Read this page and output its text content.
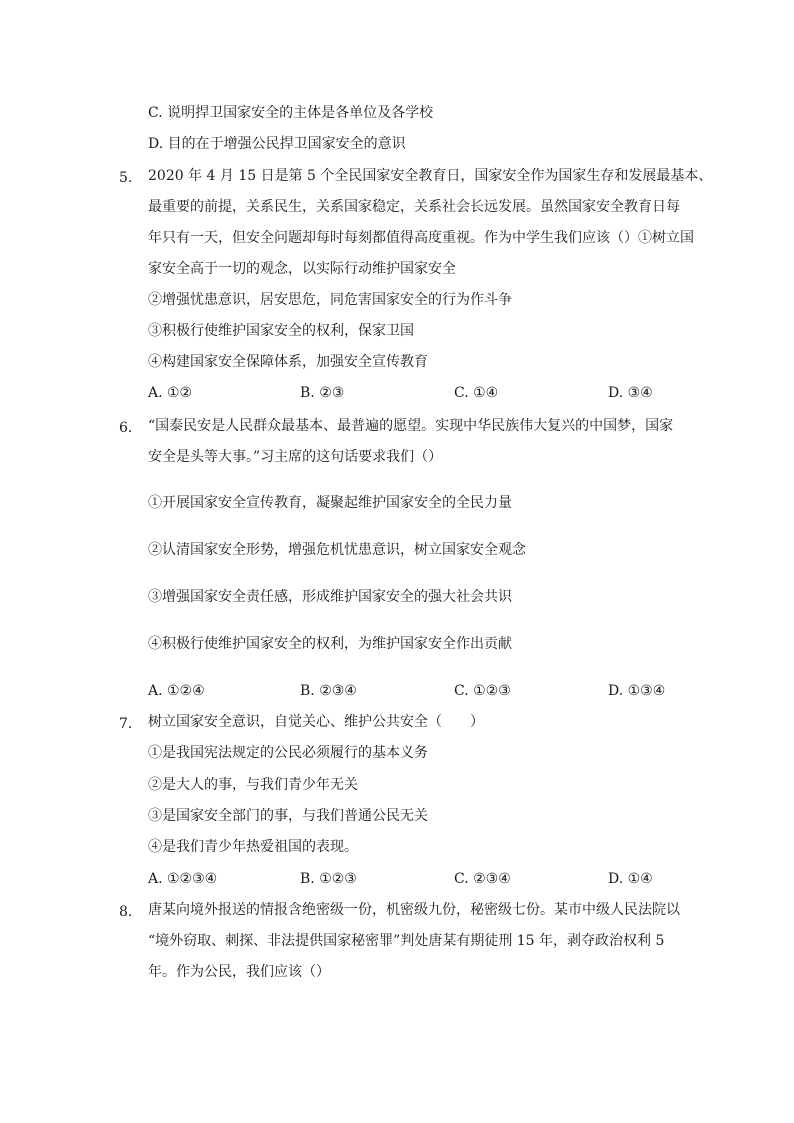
C. 说明捍卫国家安全的主体是各单位及各学校
D. 目的在于增强公民捍卫国家安全的意识
5. 2020 年 4 月 15 日是第 5 个全民国家安全教育日，国家安全作为国家生存和发展最基本、
最重要的前提，关系民生，关系国家稳定，关系社会长远发展。虽然国家安全教育日每
年只有一天，但安全问题却每时每刻都值得高度重视。作为中学生我们应该（）①树立国
家安全高于一切的观念，以实际行动维护国家安全
②增强忧患意识，居安思危，同危害国家安全的行为作斗争
③积极行使维护国家安全的权利，保家卫国
④构建国家安全保障体系，加强安全宣传教育
A. ①②	B. ②③	C. ①④	D. ③④
6. “国泰民安是人民群众最基本、最普遍的愿望。实现中华民族伟大复兴的中国梦，国家
安全是头等大事。”习主席的这句话要求我们（）
①开展国家安全宣传教育，凝聚起维护国家安全的全民力量
②认清国家安全形势，增强危机忧患意识，树立国家安全观念
③增强国家安全责任感，形成维护国家安全的强大社会共识
④积极行使维护国家安全的权利，为维护国家安全作出贡献
A. ①②④	B. ②③④	C. ①②③	D. ①③④
7. 树立国家安全意识，自觉关心、维护公共安全（　　）
①是我国宪法规定的公民必须履行的基本义务
②是大人的事，与我们青少年无关
③是国家安全部门的事，与我们普通公民无关
④是我们青少年热爱祖国的表现。
A. ①②③④	B. ①②③	C. ②③④	D. ①④
8. 唐某向境外报送的情报含绝密级一份，机密级九份，秘密级七份。某市中级人民法院以
“境外窃取、刺探、非法提供国家秘密罪”判处唐某有期徒刑 15 年，剥夺政治权利 5
年。作为公民，我们应该（）
